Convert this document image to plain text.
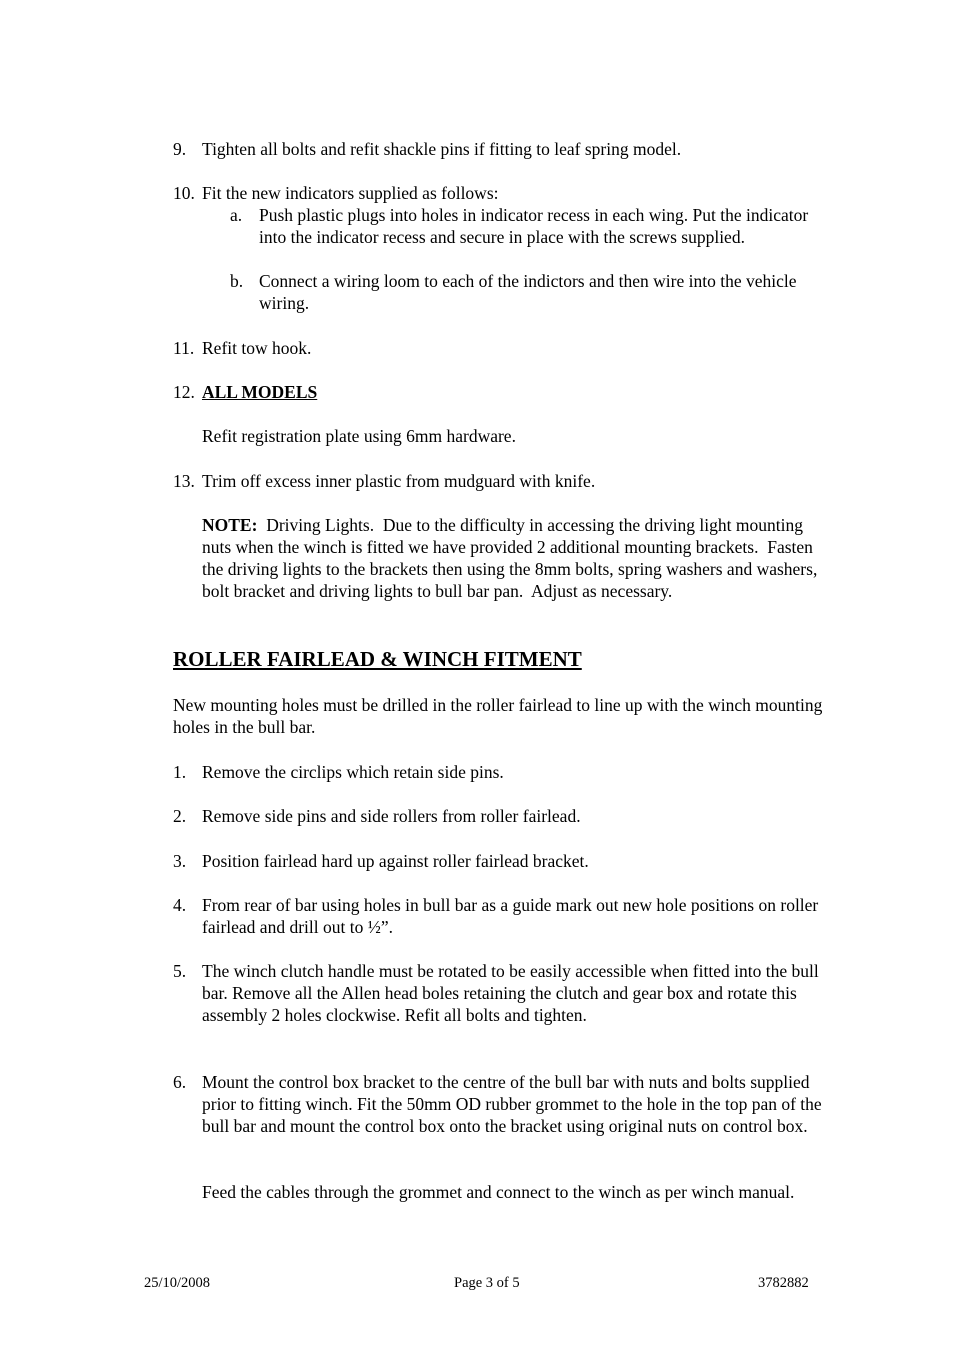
9. Tighten all bolts and refit shackle pins if fitting to leaf spring model.
10. Fit the new indicators supplied as follows:
a. Push plastic plugs into holes in indicator recess in each wing. Put the indicator into the indicator recess and secure in place with the screws supplied.
b. Connect a wiring loom to each of the indictors and then wire into the vehicle wiring.
11. Refit tow hook.
12. ALL MODELS
Refit registration plate using 6mm hardware.
13. Trim off excess inner plastic from mudguard with knife.
NOTE:  Driving Lights.  Due to the difficulty in accessing the driving light mounting nuts when the winch is fitted we have provided 2 additional mounting brackets.  Fasten the driving lights to the brackets then using the 8mm bolts, spring washers and washers, bolt bracket and driving lights to bull bar pan.  Adjust as necessary.
ROLLER FAIRLEAD & WINCH FITMENT
New mounting holes must be drilled in the roller fairlead to line up with the winch mounting holes in the bull bar.
1. Remove the circlips which retain side pins.
2. Remove side pins and side rollers from roller fairlead.
3. Position fairlead hard up against roller fairlead bracket.
4. From rear of bar using holes in bull bar as a guide mark out new hole positions on roller fairlead and drill out to ½”.
5. The winch clutch handle must be rotated to be easily accessible when fitted into the bull bar. Remove all the Allen head boles retaining the clutch and gear box and rotate this assembly 2 holes clockwise. Refit all bolts and tighten.
6. Mount the control box bracket to the centre of the bull bar with nuts and bolts supplied prior to fitting winch. Fit the 50mm OD rubber grommet to the hole in the top pan of the bull bar and mount the control box onto the bracket using original nuts on control box.
Feed the cables through the grommet and connect to the winch as per winch manual.
25/10/2008	Page 3 of 5	3782882
